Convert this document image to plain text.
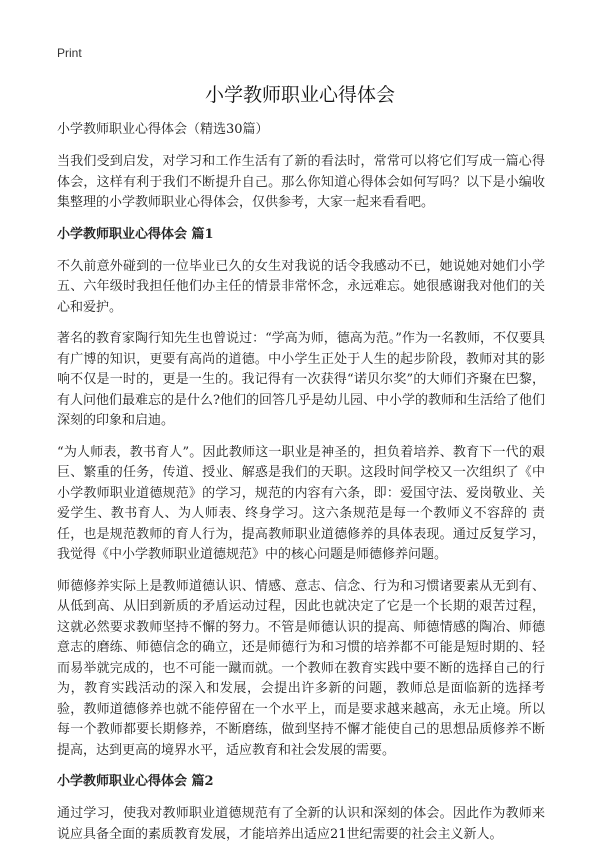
Print
小学教师职业心得体会

小学教师职业心得体会（精选30篇）

当我们受到启发，对学习和工作生活有了新的看法时，常常可以将它们写成一篇心得体会，这样有利于我们不断提升自己。那么你知道心得体会如何写吗？以下是小编收集整理的小学教师职业心得体会，仅供参考，大家一起来看看吧。

小学教师职业心得体会 篇1

不久前意外碰到的一位毕业已久的女生对我说的话令我感动不已，她说她对她们小学五、六年级时我担任他们办主任的情景非常怀念，永远难忘。她很感谢我对他们的关心和爱护。

著名的教育家陶行知先生也曾说过：“学高为师，德高为范。”作为一名教师，不仅要具有广博的知识，更要有高尚的道德。中小学生正处于人生的起步阶段，教师对其的影响不仅是一时的，更是一生的。我记得有一次获得“诺贝尔奖”的大师们齐聚在巴黎，有人问他们最难忘的是什么?他们的回答几乎是幼儿园、中小学的教师和生活给了他们深刻的印象和启迪。

“为人师表，教书育人”。因此教师这一职业是神圣的，担负着培养、教育下一代的艰巨、繁重的任务，传道、授业、解惑是我们的天职。这段时间学校又一次组织了《中小学教师职业道德规范》的学习，规范的内容有六条，即：爱国守法、爱岗敬业、关爱学生、教书育人、为人师表、终身学习。这六条规范是每一个教师义不容辞的 责任，也是规范教师的育人行为，提高教师职业道德修养的具体表现。通过反复学习，我觉得《中小学教师职业道德规范》中的核心问题是师德修养问题。

师德修养实际上是教师道德认识、情感、意志、信念、行为和习惯诸要素从无到有、从低到高、从旧到新质的矛盾运动过程，因此也就决定了它是一个长期的艰苦过程，这就必然要求教师坚持不懈的努力。不管是师德认识的提高、师德情感的陶冶、师德意志的磨练、师德信念的确立，还是师德行为和习惯的培养都不可能是短时期的、轻而易举就完成的，也不可能一蹴而就。一个教师在教育实践中要不断的选择自己的行为，教育实践活动的深入和发展，会提出许多新的问题，教师总是面临新的选择考验，教师道德修养也就不能停留在一个水平上，而是要求越来越高，永无止境。所以每一个教师都要长期修养，不断磨练，做到坚持不懈才能使自己的思想品质修养不断提高，达到更高的境界水平，适应教育和社会发展的需要。

小学教师职业心得体会 篇2

通过学习，使我对教师职业道德规范有了全新的认识和深刻的体会。因此作为教师来说应具备全面的素质教育发展，才能培养出适应21世纪需要的社会主义新人。
